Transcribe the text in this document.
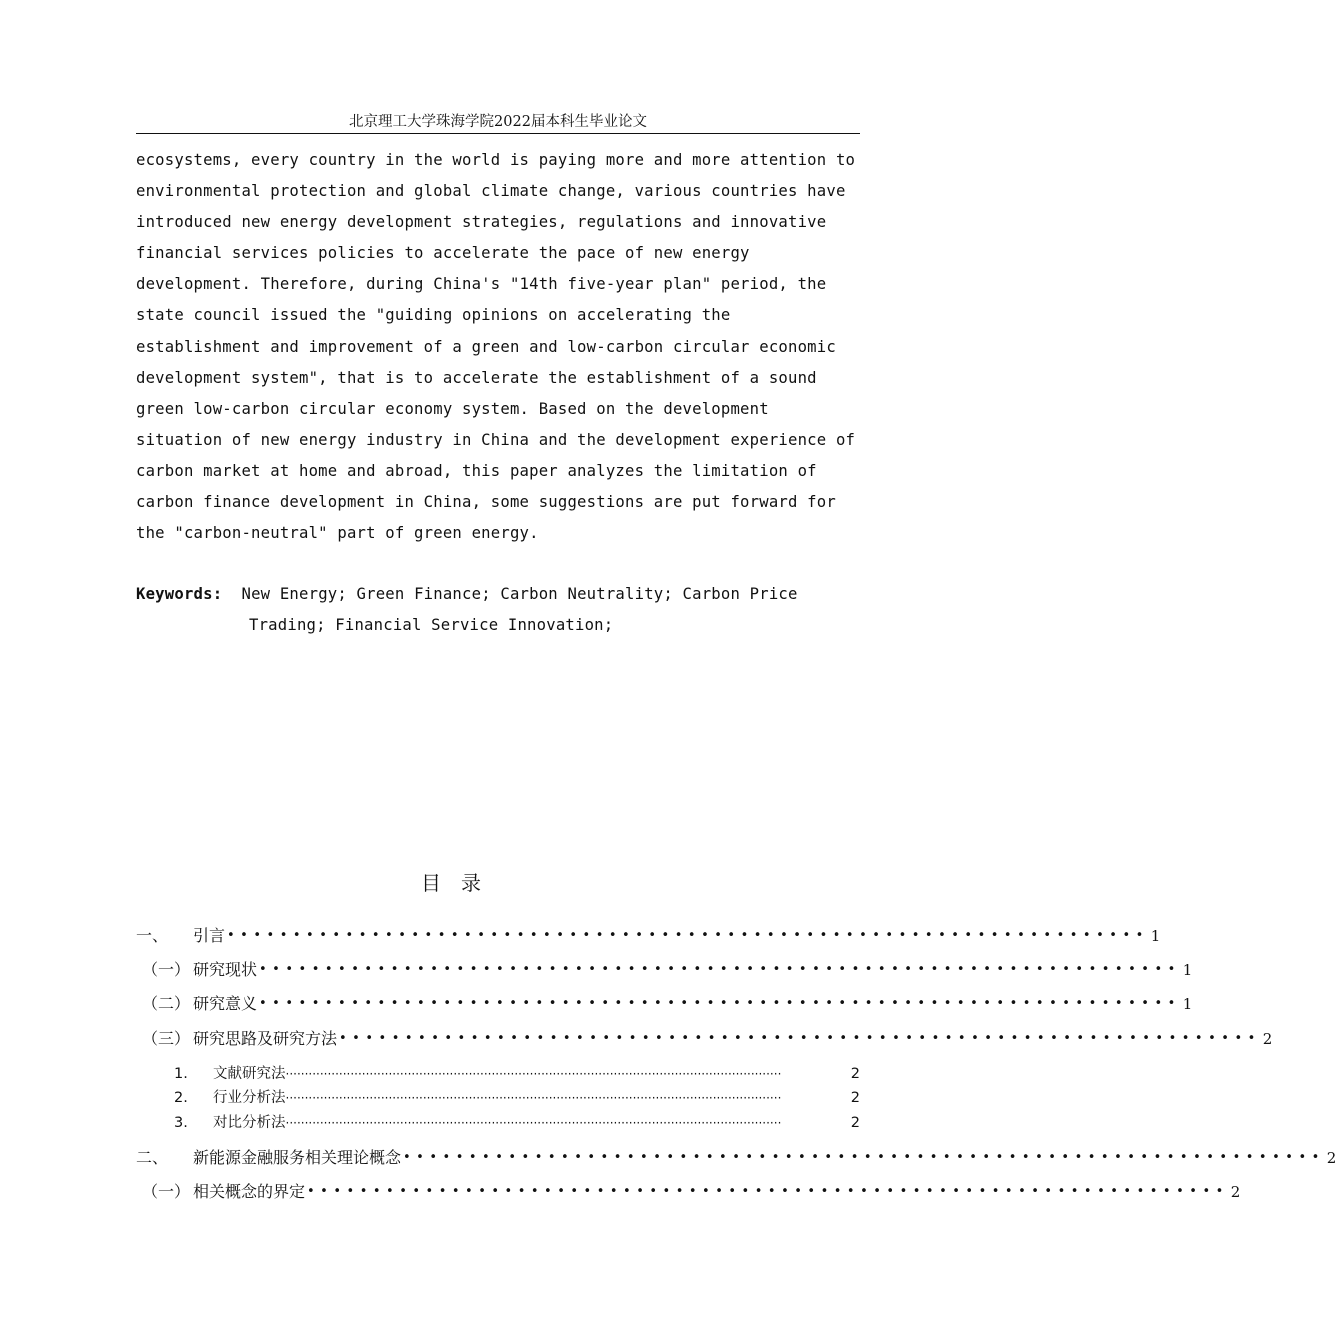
北京理工大学珠海学院2022届本科生毕业论文
ecosystems, every country in the world is paying more and more attention to
environmental protection and global climate change, various countries have
introduced new energy development strategies, regulations and innovative
financial services policies to accelerate the pace of new energy
development. Therefore, during China's "14th five-year plan" period, the
state council issued the "guiding opinions on accelerating the
establishment and improvement of a green and low-carbon circular economic
development system", that is to accelerate the establishment of a sound
green low-carbon circular economy system. Based on the development
situation of new energy industry in China and the development experience of
carbon market at home and abroad, this paper analyzes the limitation of
carbon finance development in China, some suggestions are put forward for
the "carbon-neutral" part of green energy.
Keywords: New Energy; Green Finance; Carbon Neutrality; Carbon Price
Trading; Financial Service Innovation;
目录
一、	引言 •••••••••••••••••••••••••••••••••••••••••••••••••••••••••••••••••••••• 1
（一） 研究现状 •••••••••••••••••••••••••••••••••••••••••••••••••••••••••••••••••••••• 1
（二） 研究意义 •••••••••••••••••••••••••••••••••••••••••••••••••••••••••••••••••••••• 1
（三） 研究思路及研究方法 •••••••••••••••••••••••••••••••••••••••••••••••••••••••••••••••••••••• 2
1.	文献研究法 ··································································································································	2
2.	行业分析法 ··································································································································	2
3.	对比分析法 ··································································································································	2
二、	新能源金融服务相关理论概念 •••••••••••••••••••••••••••••••••••••••••••••••••••••••••••••••••••••• 2
（一） 相关概念的界定 •••••••••••••••••••••••••••••••••••••••••••••••••••••••••••••••••••••• 2
